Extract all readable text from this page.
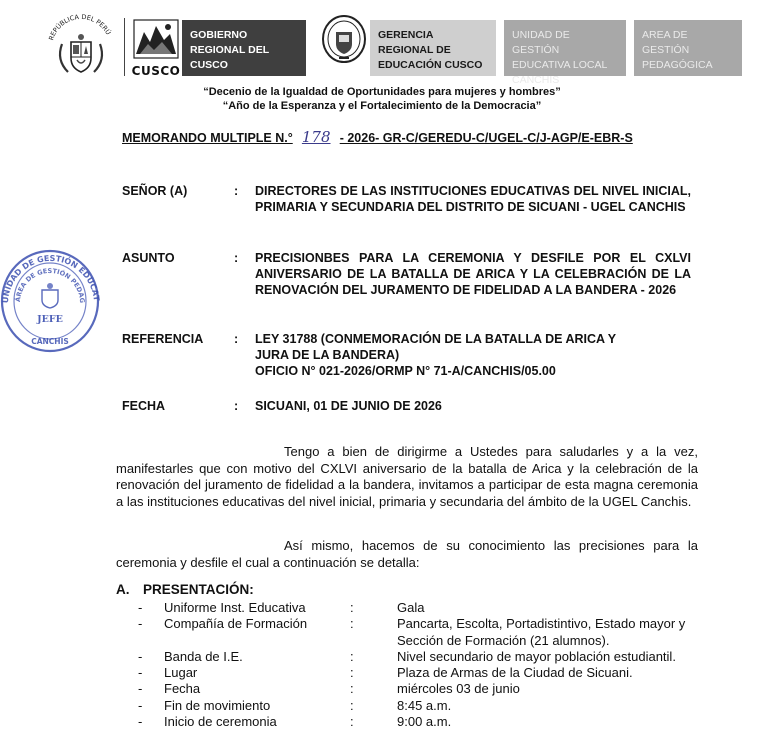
REPÚBLICA DEL PERÚ
CUSCO
GOBIERNO REGIONAL DEL CUSCO
GERENCIA REGIONAL DE EDUCACIÓN CUSCO
UNIDAD DE GESTIÓN EDUCATIVA LOCAL CANCHIS
AREA DE GESTIÓN PEDAGÓGICA
“Decenio de la Igualdad de Oportunidades para mujeres y hombres”
“Año de la Esperanza y el Fortalecimiento de la Democracia”
MEMORANDO MULTIPLE N.° 178 - 2026- GR-C/GEREDU-C/UGEL-C/J-AGP/E-EBR-S
SEÑOR (A)	: DIRECTORES DE LAS INSTITUCIONES EDUCATIVAS DEL NIVEL INICIAL, PRIMARIA Y SECUNDARIA DEL DISTRITO DE SICUANI - UGEL CANCHIS
ASUNTO	: PRECISIONBES PARA LA CEREMONIA Y DESFILE POR EL CXLVI ANIVERSARIO DE LA BATALLA DE ARICA Y LA CELEBRACIÓN DE LA RENOVACIÓN DEL JURAMENTO DE FIDELIDAD A LA BANDERA - 2026
REFERENCIA	: LEY 31788 (CONMEMORACIÓN DE LA BATALLA DE ARICA Y
JURA DE LA BANDERA)
OFICIO N° 021-2026/ORMP N° 71-A/CANCHIS/05.00
FECHA	: SICUANI, 01 DE JUNIO DE 2026
UNIDAD DE GESTIÓN EDUCAT
ÁREA DE GESTIÓN PEDAG
JEFE
CANCHIS
Tengo a bien de dirigirme a Ustedes para saludarles y a la vez, manifestarles que con motivo del CXLVI aniversario de la batalla de Arica y la celebración de la renovación del juramento de fidelidad a la bandera, invitamos a participar de esta magna ceremonia a las instituciones educativas del nivel inicial, primaria y secundaria del ámbito de la UGEL Canchis.
Así mismo, hacemos de su conocimiento las precisiones para la ceremonia y desfile el cual a continuación se detalla:
A. PRESENTACIÓN:
- Uniforme Inst. Educativa	:	Gala
- Compañía de Formación	:	Pancarta, Escolta, Portadistintivo, Estado mayor y Sección de Formación (21 alumnos).
- Banda de I.E.	:	Nivel secundario de mayor población estudiantil.
- Lugar	:	Plaza de Armas de la Ciudad de Sicuani.
- Fecha	:	miércoles 03 de junio
- Fin de movimiento	:	8:45 a.m.
- Inicio de ceremonia	:	9:00 a.m.
